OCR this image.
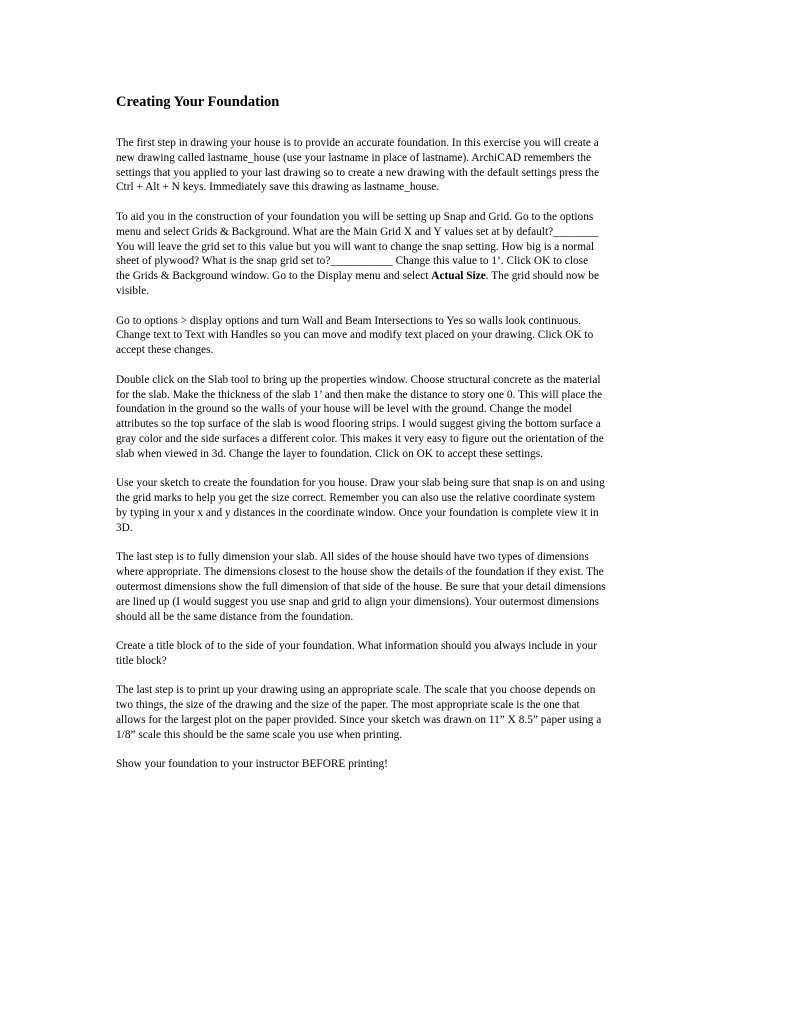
Creating Your Foundation
The first step in drawing your house is to provide an accurate foundation. In this exercise you will create a
new drawing called lastname_house (use your lastname in place of lastname). ArchiCAD remembers the
settings that you applied to your last drawing so to create a new drawing with the default settings press the
Ctrl + Alt + N keys. Immediately save this drawing as lastname_house.
To aid you in the construction of your foundation you will be setting up Snap and Grid. Go to the options
menu and select Grids & Background. What are the Main Grid X and Y values set at by default?________
You will leave the grid set to this value but you will want to change the snap setting. How big is a normal
sheet of plywood? What is the snap grid set to?___________ Change this value to 1’. Click OK to close
the Grids & Background window. Go to the Display menu and select Actual Size. The grid should now be
visible.
Go to options > display options and turn Wall and Beam Intersections to Yes so walls look continuous.
Change text to Text with Handles so you can move and modify text placed on your drawing. Click OK to
accept these changes.
Double click on the Slab tool to bring up the properties window. Choose structural concrete as the material
for the slab. Make the thickness of the slab 1’ and then make the distance to story one 0. This will place the
foundation in the ground so the walls of your house will be level with the ground. Change the model
attributes so the top surface of the slab is wood flooring strips. I would suggest giving the bottom surface a
gray color and the side surfaces a different color. This makes it very easy to figure out the orientation of the
slab when viewed in 3d. Change the layer to foundation. Click on OK to accept these settings.
Use your sketch to create the foundation for you house. Draw your slab being sure that snap is on and using
the grid marks to help you get the size correct. Remember you can also use the relative coordinate system
by typing in your x and y distances in the coordinate window. Once your foundation is complete view it in
3D.
The last step is to fully dimension your slab. All sides of the house should have two types of dimensions
where appropriate. The dimensions closest to the house show the details of the foundation if they exist. The
outermost dimensions show the full dimension of that side of the house. Be sure that your detail dimensions
are lined up (I would suggest you use snap and grid to align your dimensions). Your outermost dimensions
should all be the same distance from the foundation.
Create a title block of to the side of your foundation. What information should you always include in your
title block?
The last step is to print up your drawing using an appropriate scale. The scale that you choose depends on
two things, the size of the drawing and the size of the paper. The most appropriate scale is the one that
allows for the largest plot on the paper provided. Since your sketch was drawn on 11” X 8.5” paper using a
1/8” scale this should be the same scale you use when printing.
Show your foundation to your instructor BEFORE printing!
